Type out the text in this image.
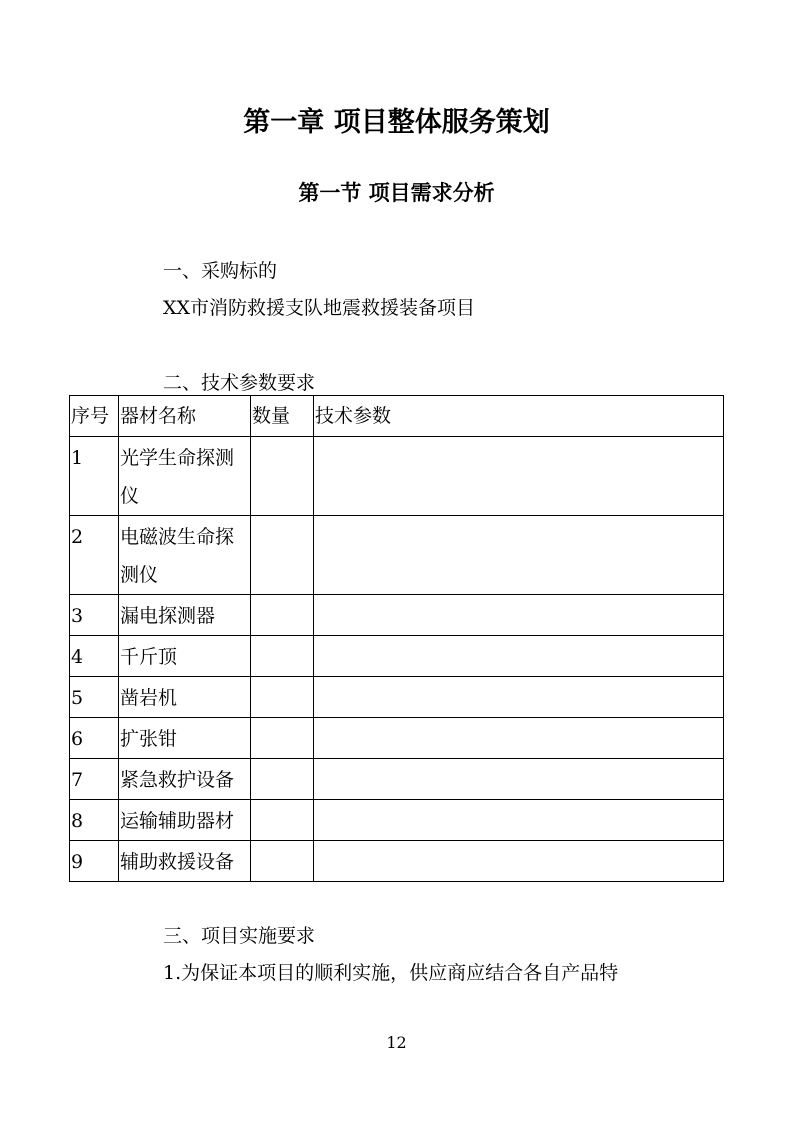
第一章 项目整体服务策划
第一节 项目需求分析
一、采购标的
XX市消防救援支队地震救援装备项目
二、技术参数要求
序号	器材名称	数量	技术参数
1	光学生命探测仪		
2	电磁波生命探测仪		
3	漏电探测器		
4	千斤顶		
5	凿岩机		
6	扩张钳		
7	紧急救护设备		
8	运输辅助器材		
9	辅助救援设备		
12
三、项目实施要求
1.为保证本项目的顺利实施，供应商应结合各自产品特
